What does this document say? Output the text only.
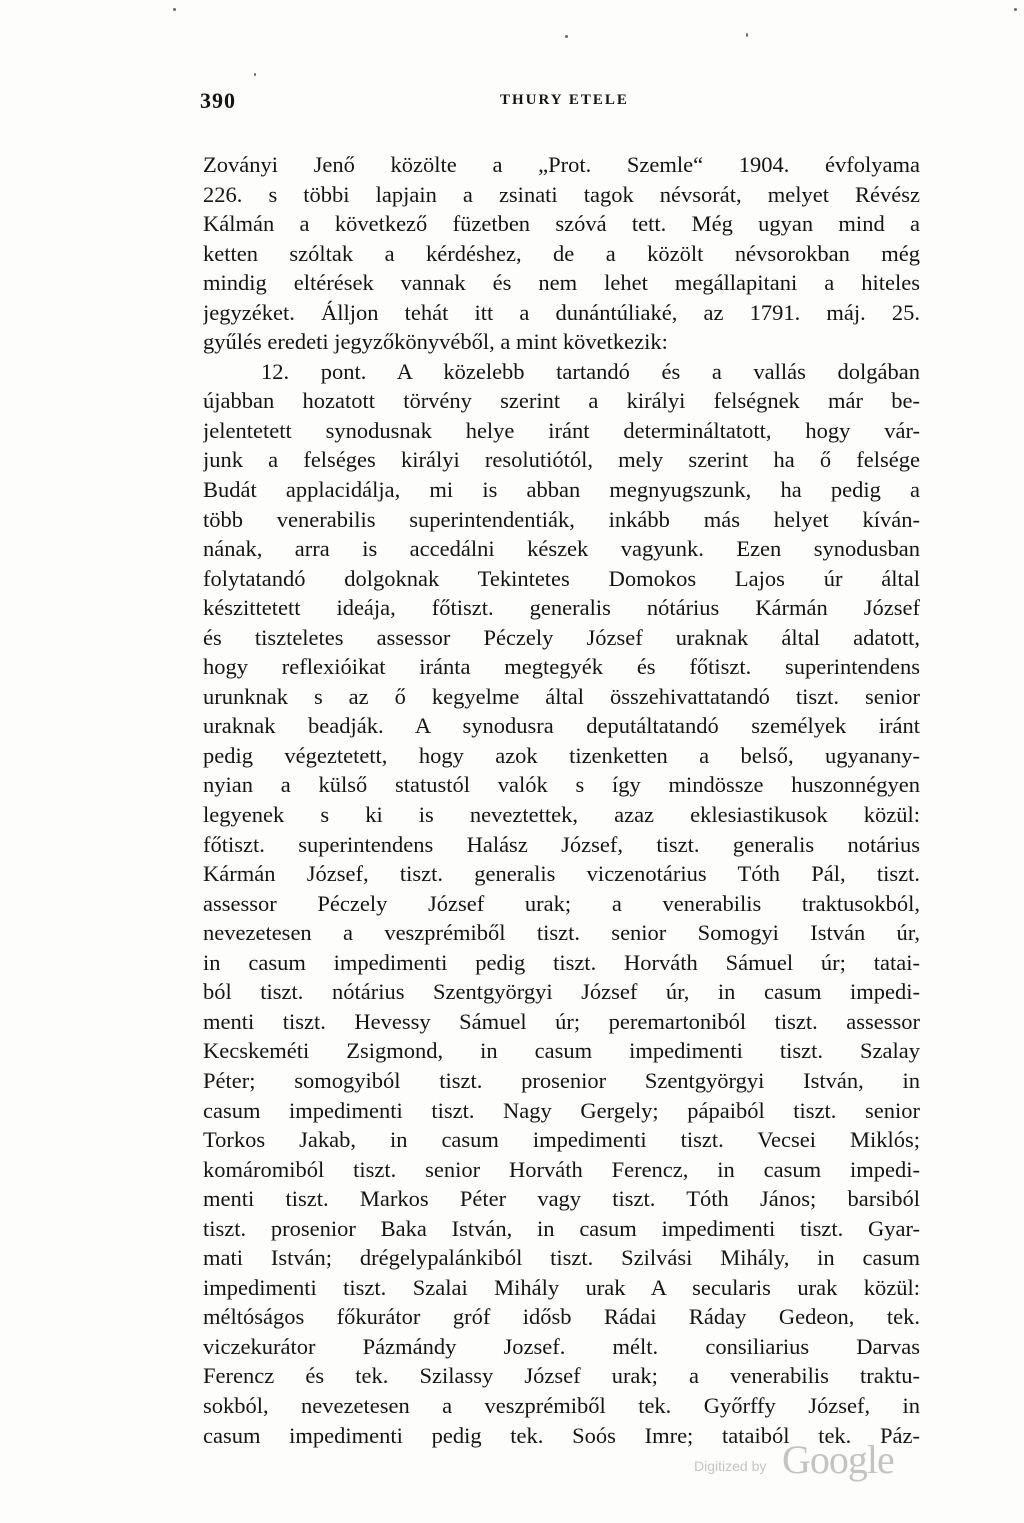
390	THURY ETELE
Zoványi Jenő közölte a „Prot. Szemle“ 1904. évfolyama
226. s többi lapjain a zsinati tagok névsorát, melyet Révész
Kálmán a következő füzetben szóvá tett. Még ugyan mind a
ketten szóltak a kérdéshez, de a közölt névsorokban még
mindig eltérések vannak és nem lehet megállapitani a hiteles
jegyzéket. Álljon tehát itt a dunántúliaké, az 1791. máj. 25.
gyűlés eredeti jegyzőkönyvéből, a mint következik:
12. pont. A közelebb tartandó és a vallás dolgában
újabban hozatott törvény szerint a királyi felségnek már be-
jelentetett synodusnak helye iránt determináltatott, hogy vár-
junk a felséges királyi resolutiótól, mely szerint ha ő felsége
Budát applacidálja, mi is abban megnyugszunk, ha pedig a
több venerabilis superintendentiák, inkább más helyet kíván-
nának, arra is accedálni készek vagyunk. Ezen synodusban
folytatandó dolgoknak Tekintetes Domokos Lajos úr által
készittetett ideája, főtiszt. generalis nótárius Kármán József
és tiszteletes assessor Péczely József uraknak által adatott,
hogy reflexióikat iránta megtegyék és főtiszt. superintendens
urunknak s az ő kegyelme által összehivattatandó tiszt. senior
uraknak beadják. A synodusra deputáltatandó személyek iránt
pedig végeztetett, hogy azok tizenketten a belső, ugyanany-
nyian a külső statustól valók s így mindössze huszonnégyen
legyenek s ki is neveztettek, azaz eklesiastikusok közül:
főtiszt. superintendens Halász József, tiszt. generalis notárius
Kármán József, tiszt. generalis viczenotárius Tóth Pál, tiszt.
assessor Péczely József urak; a venerabilis traktusokból,
nevezetesen a veszprémiből tiszt. senior Somogyi István úr,
in casum impedimenti pedig tiszt. Horváth Sámuel úr; tatai-
ból tiszt. nótárius Szentgyörgyi József úr, in casum impedi-
menti tiszt. Hevessy Sámuel úr; peremartoniból tiszt. assessor
Kecskeméti Zsigmond, in casum impedimenti tiszt. Szalay
Péter; somogyiból tiszt. prosenior Szentgyörgyi István, in
casum impedimenti tiszt. Nagy Gergely; pápaiból tiszt. senior
Torkos Jakab, in casum impedimenti tiszt. Vecsei Miklós;
komáromiból tiszt. senior Horváth Ferencz, in casum impedi-
menti tiszt. Markos Péter vagy tiszt. Tóth János; barsiból
tiszt. prosenior Baka István, in casum impedimenti tiszt. Gyar-
mati István; drégelypalánkiból tiszt. Szilvási Mihály, in casum
impedimenti tiszt. Szalai Mihály urak A secularis urak közül:
méltóságos főkurátor gróf idősb Rádai Ráday Gedeon, tek.
viczekurátor Pázmándy Jozsef. mélt. consiliarius Darvas
Ferencz és tek. Szilassy József urak; a venerabilis traktu-
sokból, nevezetesen a veszprémiből tek. Győrffy József, in
casum impedimenti pedig tek. Soós Imre; tataiból tek. Páz-
Digitized by Google
